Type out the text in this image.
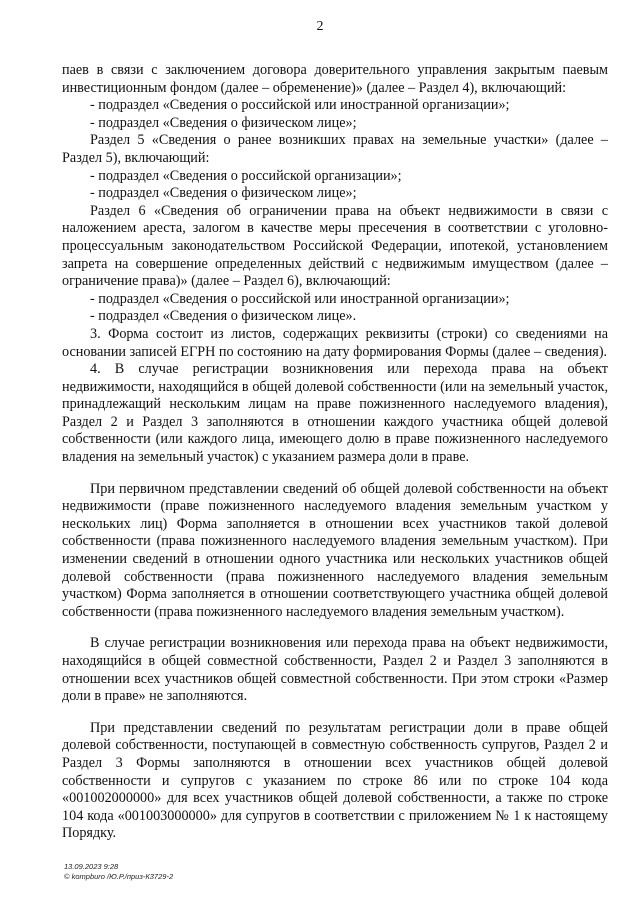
2

паев в связи с заключением договора доверительного управления закрытым паевым инвестиционным фондом (далее – обременение)» (далее – Раздел 4), включающий:

- подраздел «Сведения о российской или иностранной организации»;

- подраздел «Сведения о физическом лице»;

Раздел 5 «Сведения о ранее возникших правах на земельные участки» (далее – Раздел 5), включающий:

- подраздел «Сведения о российской организации»;

- подраздел «Сведения о физическом лице»;

Раздел 6 «Сведения об ограничении права на объект недвижимости в связи с наложением ареста, залогом в качестве меры пресечения в соответствии с уголовно-процессуальным законодательством Российской Федерации, ипотекой, установлением запрета на совершение определенных действий с недвижимым имуществом (далее – ограничение права)» (далее – Раздел 6), включающий:

- подраздел «Сведения о российской или иностранной организации»;

- подраздел «Сведения о физическом лице».

3. Форма состоит из листов, содержащих реквизиты (строки) со сведениями на основании записей ЕГРН по состоянию на дату формирования Формы (далее – сведения).

4. В случае регистрации возникновения или перехода права на объект недвижимости, находящийся в общей долевой собственности (или на земельный участок, принадлежащий нескольким лицам на праве пожизненного наследуемого владения), Раздел 2 и Раздел 3 заполняются в отношении каждого участника общей долевой собственности (или каждого лица, имеющего долю в праве пожизненного наследуемого владения на земельный участок) с указанием размера доли в праве.

При первичном представлении сведений об общей долевой собственности на объект недвижимости (праве пожизненного наследуемого владения земельным участком у нескольких лиц) Форма заполняется в отношении всех участников такой долевой собственности (права пожизненного наследуемого владения земельным участком). При изменении сведений в отношении одного участника или нескольких участников общей долевой собственности (права пожизненного наследуемого владения земельным участком) Форма заполняется в отношении соответствующего участника общей долевой собственности (права пожизненного наследуемого владения земельным участком).

В случае регистрации возникновения или перехода права на объект недвижимости, находящийся в общей совместной собственности, Раздел 2 и Раздел 3 заполняются в отношении всех участников общей совместной собственности. При этом строки «Размер доли в праве» не заполняются.

При представлении сведений по результатам регистрации доли в праве общей долевой собственности, поступающей в совместную собственность супругов, Раздел 2 и Раздел 3 Формы заполняются в отношении всех участников общей долевой собственности и супругов с указанием по строке 86 или по строке 104 кода «001002000000» для всех участников общей долевой собственности, а также по строке 104 кода «001003000000» для супругов в соответствии с приложением № 1 к настоящему Порядку.

13.09.2023 9:28
© kompburo /Ю.Р./приз-К3729-2
